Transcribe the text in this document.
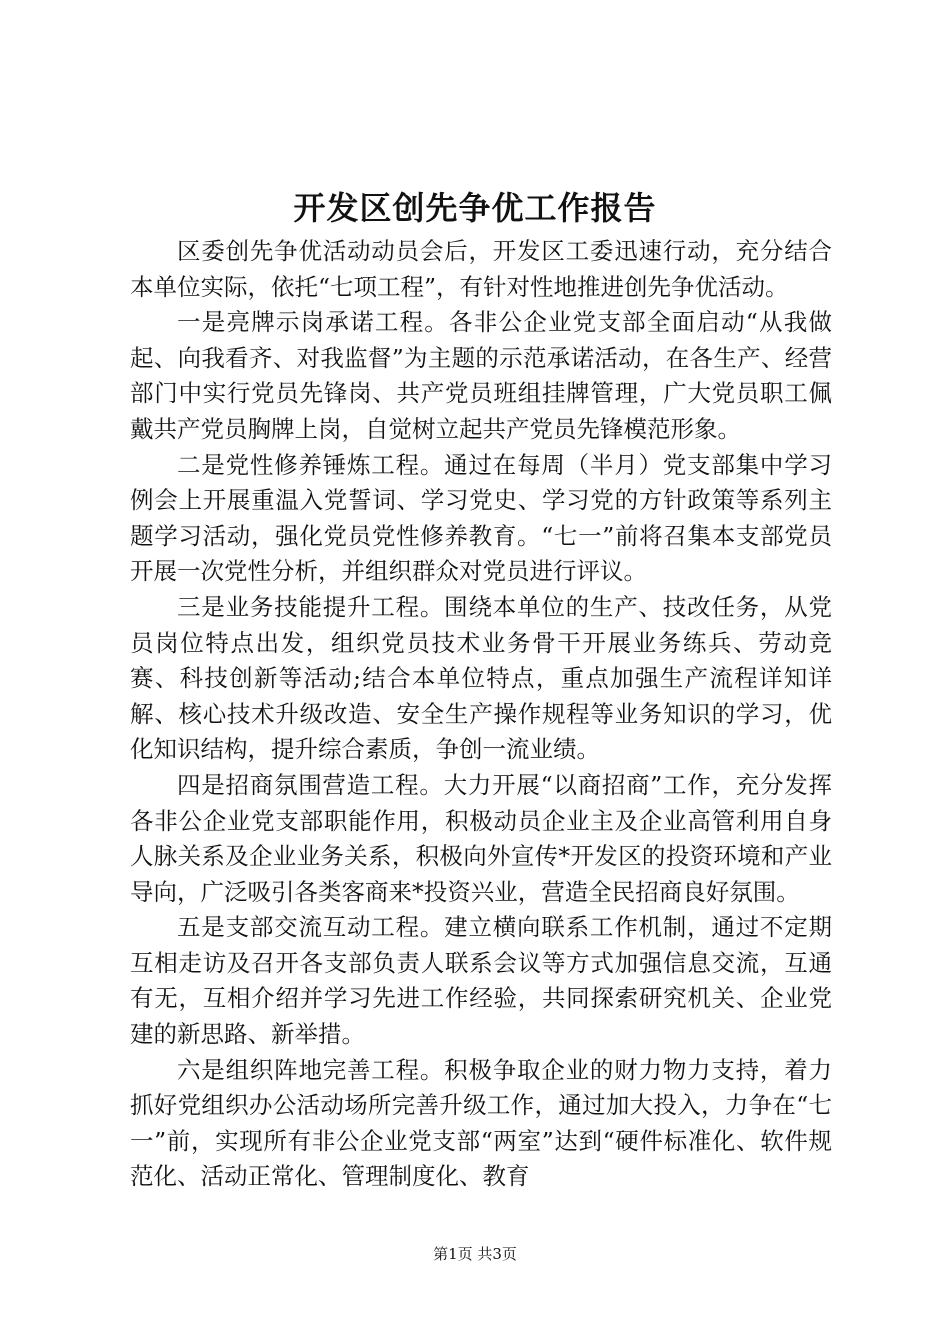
开发区创先争优工作报告

区委创先争优活动动员会后，开发区工委迅速行动，充分结合本单位实际，依托“七项工程”，有针对性地推进创先争优活动。

一是亮牌示岗承诺工程。各非公企业党支部全面启动“从我做起、向我看齐、对我监督”为主题的示范承诺活动，在各生产、经营部门中实行党员先锋岗、共产党员班组挂牌管理，广大党员职工佩戴共产党员胸牌上岗，自觉树立起共产党员先锋模范形象。

二是党性修养锤炼工程。通过在每周（半月）党支部集中学习例会上开展重温入党誓词、学习党史、学习党的方针政策等系列主题学习活动，强化党员党性修养教育。“七一”前将召集本支部党员开展一次党性分析，并组织群众对党员进行评议。

三是业务技能提升工程。围绕本单位的生产、技改任务，从党员岗位特点出发，组织党员技术业务骨干开展业务练兵、劳动竞赛、科技创新等活动;结合本单位特点，重点加强生产流程详知详解、核心技术升级改造、安全生产操作规程等业务知识的学习，优化知识结构，提升综合素质，争创一流业绩。

四是招商氛围营造工程。大力开展“以商招商”工作，充分发挥各非公企业党支部职能作用，积极动员企业主及企业高管利用自身人脉关系及企业业务关系，积极向外宣传*开发区的投资环境和产业导向，广泛吸引各类客商来*投资兴业，营造全民招商良好氛围。

五是支部交流互动工程。建立横向联系工作机制，通过不定期互相走访及召开各支部负责人联系会议等方式加强信息交流，互通有无，互相介绍并学习先进工作经验，共同探索研究机关、企业党建的新思路、新举措。

六是组织阵地完善工程。积极争取企业的财力物力支持，着力抓好党组织办公活动场所完善升级工作，通过加大投入，力争在“七一”前，实现所有非公企业党支部“两室”达到“硬件标准化、软件规范化、活动正常化、管理制度化、教育

第1页 共3页
